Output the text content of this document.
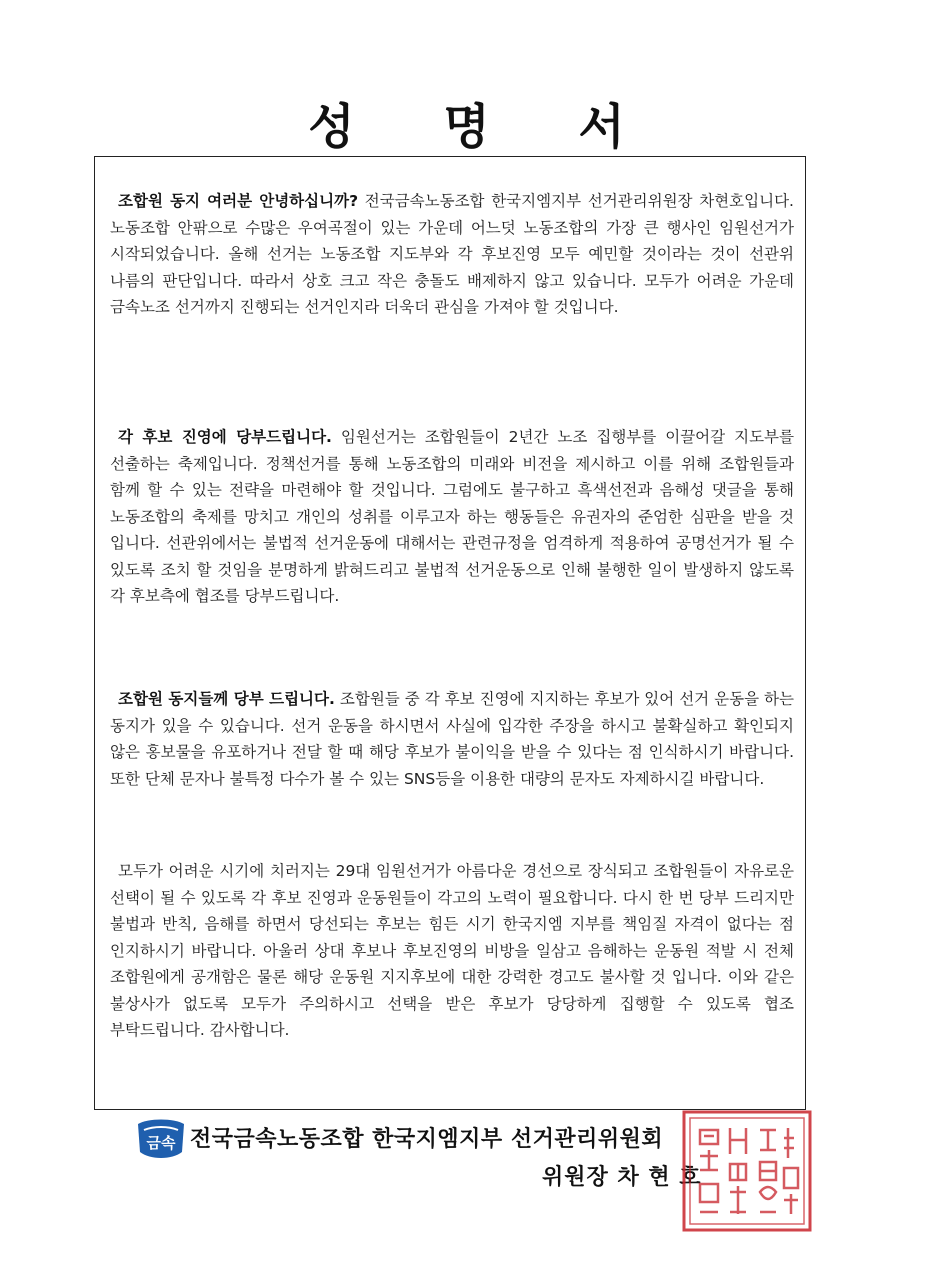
성 명 서
조합원 동지 여러분 안녕하십니까? 전국금속노동조합 한국지엠지부 선거관리위원장 차현호입니다. 노동조합 안팎으로 수많은 우여곡절이 있는 가운데 어느덧 노동조합의 가장 큰 행사인 임원선거가 시작되었습니다. 올해 선거는 노동조합 지도부와 각 후보진영 모두 예민할 것이라는 것이 선관위 나름의 판단입니다. 따라서 상호 크고 작은 충돌도 배제하지 않고 있습니다. 모두가 어려운 가운데 금속노조 선거까지 진행되는 선거인지라 더욱더 관심을 가져야 할 것입니다.
각 후보 진영에 당부드립니다. 임원선거는 조합원들이 2년간 노조 집행부를 이끌어갈 지도부를 선출하는 축제입니다. 정책선거를 통해 노동조합의 미래와 비전을 제시하고 이를 위해 조합원들과 함께 할 수 있는 전략을 마련해야 할 것입니다. 그럼에도 불구하고 흑색선전과 음해성 댓글을 통해 노동조합의 축제를 망치고 개인의 성취를 이루고자 하는 행동들은 유권자의 준엄한 심판을 받을 것 입니다. 선관위에서는 불법적 선거운동에 대해서는 관련규정을 엄격하게 적용하여 공명선거가 될 수 있도록 조치 할 것임을 분명하게 밝혀드리고 불법적 선거운동으로 인해 불행한 일이 발생하지 않도록 각 후보측에 협조를 당부드립니다.
조합원 동지들께 당부 드립니다. 조합원들 중 각 후보 진영에 지지하는 후보가 있어 선거 운동을 하는 동지가 있을 수 있습니다. 선거 운동을 하시면서 사실에 입각한 주장을 하시고 불확실하고 확인되지 않은 홍보물을 유포하거나 전달 할 때 해당 후보가 불이익을 받을 수 있다는 점 인식하시기 바랍니다. 또한 단체 문자나 불특정 다수가 볼 수 있는 SNS등을 이용한 대량의 문자도 자제하시길 바랍니다.
모두가 어려운 시기에 치러지는 29대 임원선거가 아름다운 경선으로 장식되고 조합원들이 자유로운 선택이 될 수 있도록 각 후보 진영과 운동원들이 각고의 노력이 필요합니다. 다시 한 번 당부 드리지만 불법과 반칙, 음해를 하면서 당선되는 후보는 힘든 시기 한국지엠 지부를 책임질 자격이 없다는 점 인지하시기 바랍니다. 아울러 상대 후보나 후보진영의 비방을 일삼고 음해하는 운동원 적발 시 전체 조합원에게 공개함은 물론 해당 운동원 지지후보에 대한 강력한 경고도 불사할 것 입니다. 이와 같은 불상사가 없도록 모두가 주의하시고 선택을 받은 후보가 당당하게 집행할 수 있도록 협조 부탁드립니다. 감사합니다.
금속 전국금속노동조합 한국지엠지부 선거관리위원회
위원장 차 현 호
